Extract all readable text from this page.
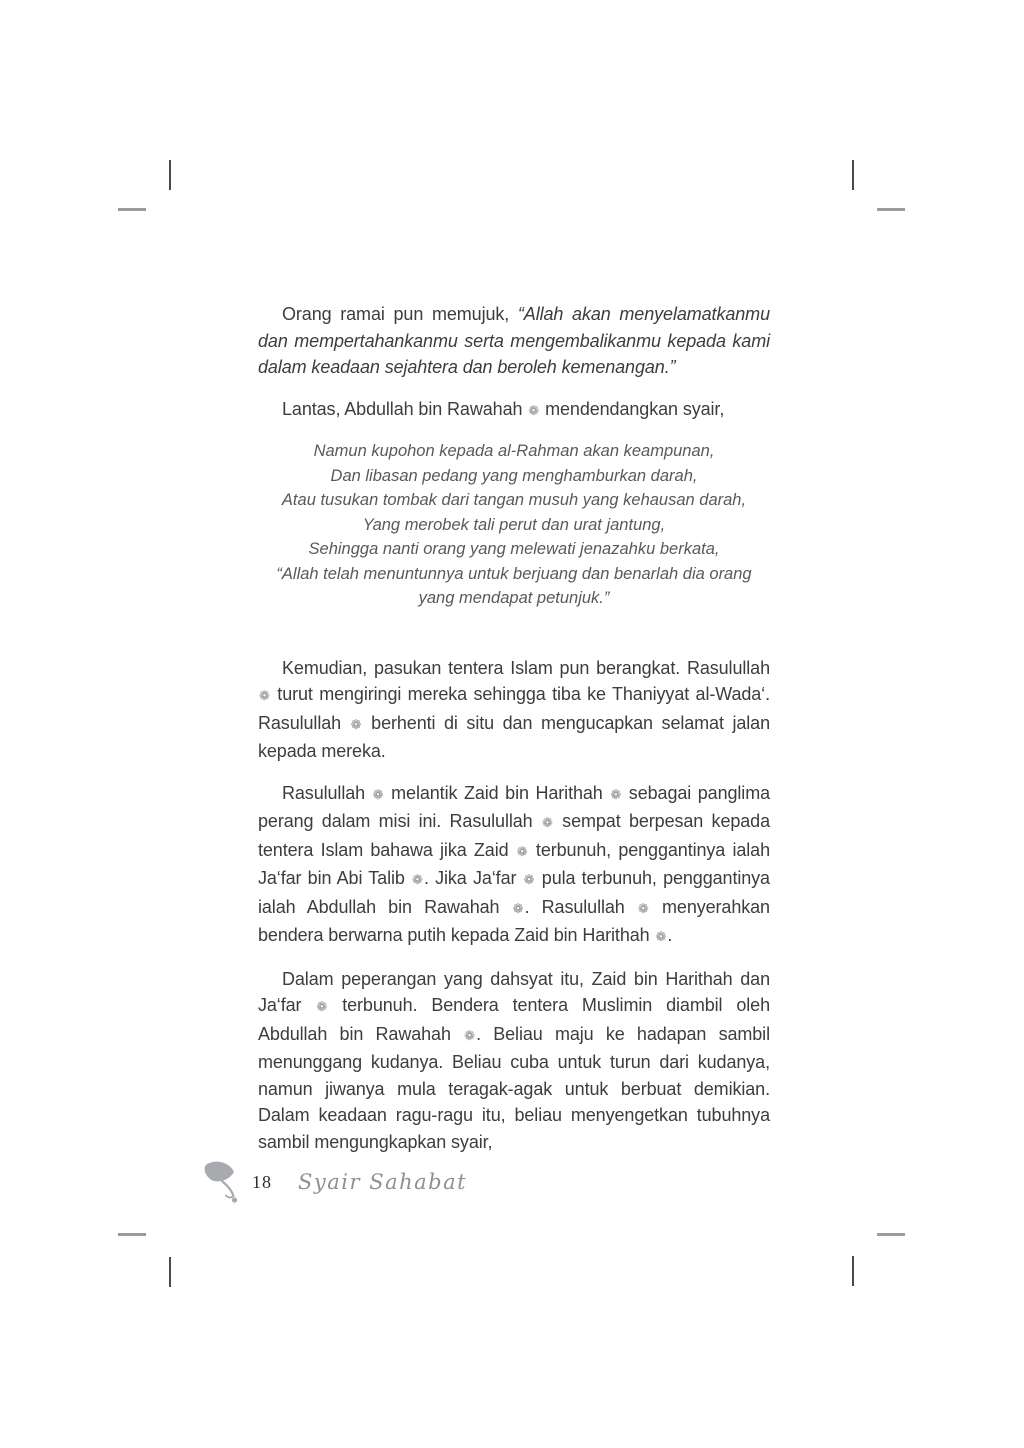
Orang ramai pun memujuk, “Allah akan menyelamatkanmu dan mempertahankanmu serta mengembalikanmu kepada kami dalam keadaan sejahtera dan beroleh kemenangan.”

Lantas, Abdullah bin Rawahah ❁ mendendangkan syair,

Namun kupohon kepada al-Rahman akan keampunan,
Dan libasan pedang yang menghamburkan darah,
Atau tusukan tombak dari tangan musuh yang kehausan darah,
Yang merobek tali perut dan urat jantung,
Sehingga nanti orang yang melewati jenazahku berkata,
“Allah telah menuntunnya untuk berjuang dan benarlah dia orang yang mendapat petunjuk.”

Kemudian, pasukan tentera Islam pun berangkat. Rasulullah ❁ turut mengiringi mereka sehingga tiba ke Thaniyyat al-Wada‘. Rasulullah ❁ berhenti di situ dan mengucapkan selamat jalan kepada mereka.

Rasulullah ❁ melantik Zaid bin Harithah ❁ sebagai panglima perang dalam misi ini. Rasulullah ❁ sempat berpesan kepada tentera Islam bahawa jika Zaid ❁ terbunuh, penggantinya ialah Ja‘far bin Abi Talib ❁. Jika Ja‘far ❁ pula terbunuh, penggantinya ialah Abdullah bin Rawahah ❁. Rasulullah ❁ menyerahkan bendera berwarna putih kepada Zaid bin Harithah ❁.

Dalam peperangan yang dahsyat itu, Zaid bin Harithah dan Ja‘far ❁ terbunuh. Bendera tentera Muslimin diambil oleh Abdullah bin Rawahah ❁. Beliau maju ke hadapan sambil menunggang kudanya. Beliau cuba untuk turun dari kudanya, namun jiwanya mula teragak-agak untuk berbuat demikian. Dalam keadaan ragu-ragu itu, beliau menyengetkan tubuhnya sambil mengungkapkan syair,

18 Syair Sahabat
